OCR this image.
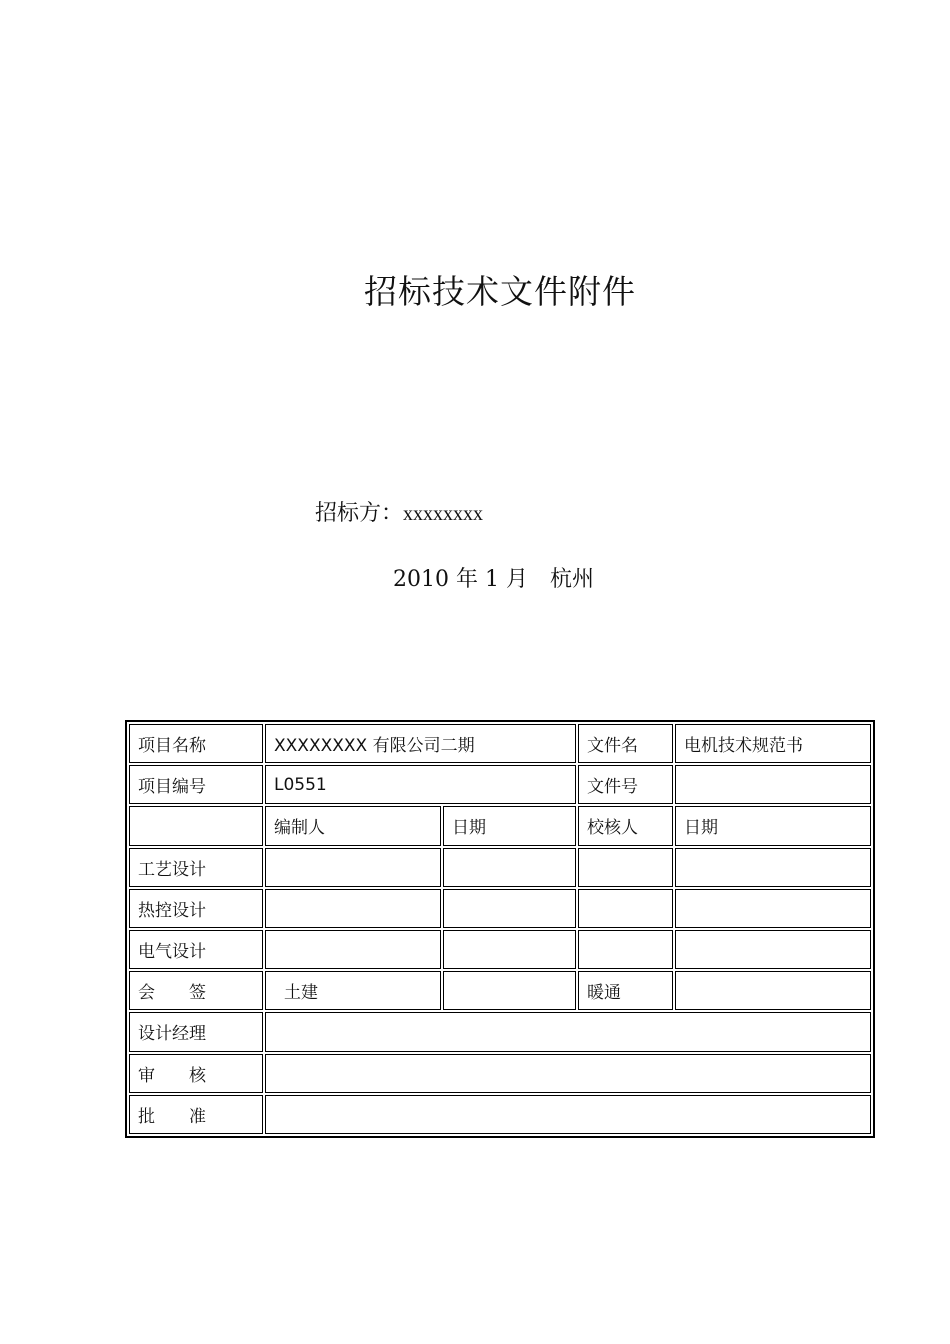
招标技术文件附件
招标方：xxxxxxxx
2010 年 1 月　杭州
项目名称	XXXXXXXX 有限公司二期		文件名	电机技术规范书
项目编号	L0551		文件号	
	编制人	日期	校核人	日期
工艺设计				
热控设计				
电气设计				
会　　签	土建		暖通	
设计经理				
审　　核				
批　　准				
